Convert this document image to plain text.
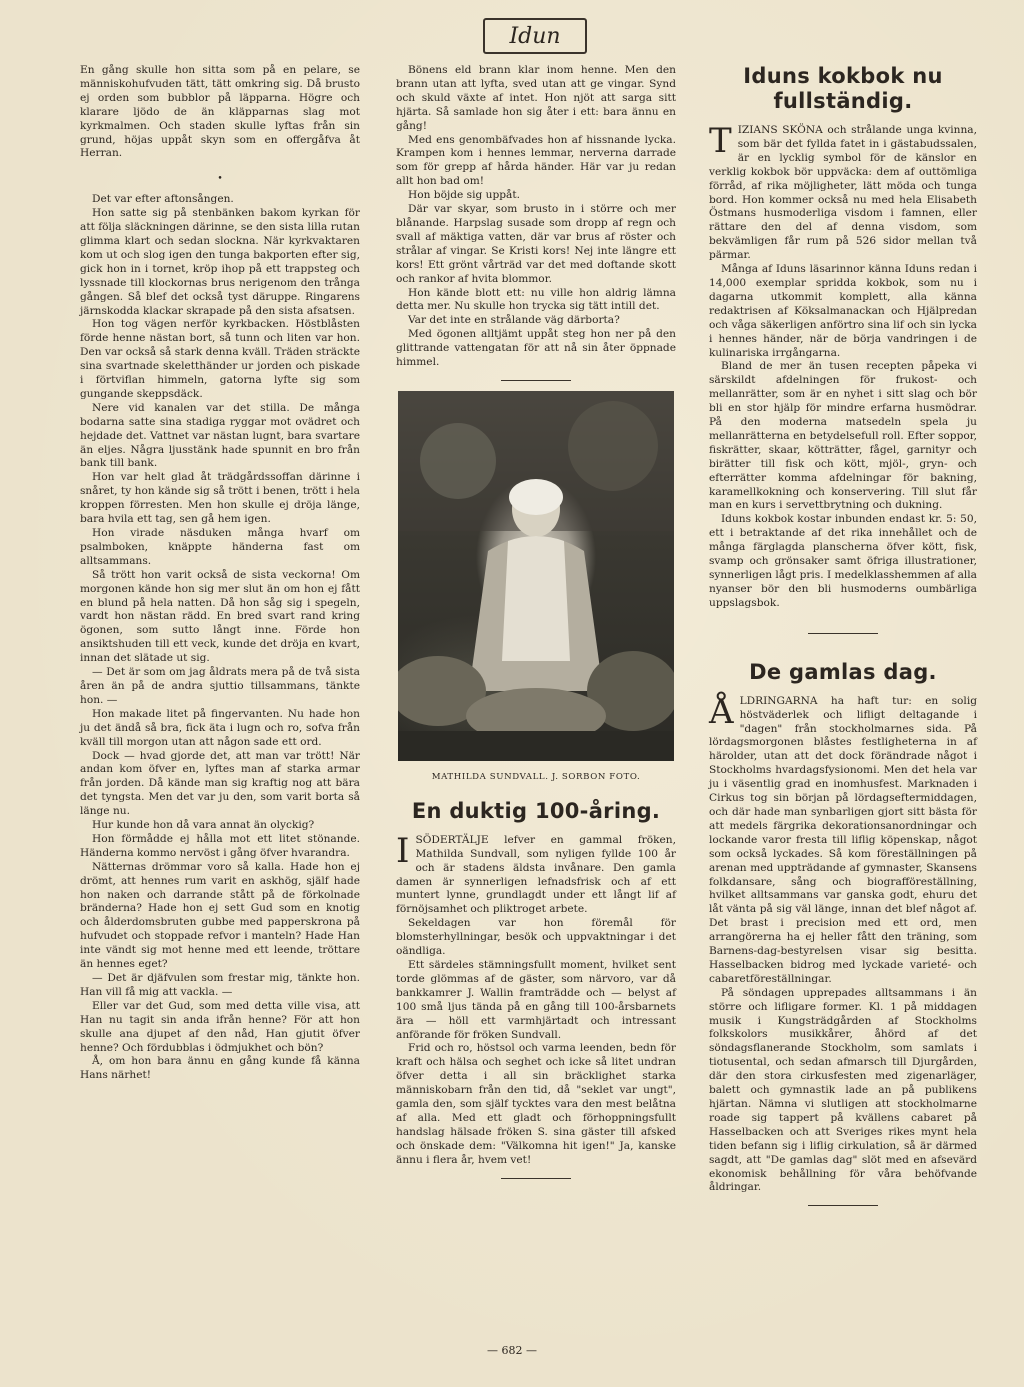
Idun

En gång skulle hon sitta som på en pelare, se människohufvuden tätt, tätt omkring sig. Då brusto ej orden som bubblor på läpparna. Högre och klarare ljödo de än kläpparnas slag mot kyrkmalmen. Och staden skulle lyftas från sin grund, höjas uppåt skyn som en offergåfva åt Herran.

•

Det var efter aftonsången.

Hon satte sig på stenbänken bakom kyrkan för att följa släckningen därinne, se den sista lilla rutan glimma klart och sedan slockna. När kyrkvaktaren kom ut och slog igen den tunga bakporten efter sig, gick hon in i tornet, kröp ihop på ett trappsteg och lyssnade till klockornas brus nerigenom den trånga gången. Så blef det också tyst däruppe. Ringarens järnskodda klackar skrapade på den sista afsatsen.

Hon tog vägen nerför kyrkbacken. Höstblåsten förde henne nästan bort, så tunn och liten var hon. Den var också så stark denna kväll. Träden sträckte sina svartnade skeletthänder ur jorden och piskade i förtviflan himmeln, gatorna lyfte sig som gungande skeppsdäck.

Nere vid kanalen var det stilla. De många bodarna satte sina stadiga ryggar mot ovädret och hejdade det. Vattnet var nästan lugnt, bara svartare än eljes. Några ljusstänk hade spunnit en bro från bank till bank.

Hon var helt glad åt trädgårdssoffan därinne i snåret, ty hon kände sig så trött i benen, trött i hela kroppen förresten. Men hon skulle ej dröja länge, bara hvila ett tag, sen gå hem igen.

Hon virade näsduken många hvarf om psalmboken, knäppte händerna fast om alltsammans.

Så trött hon varit också de sista veckorna! Om morgonen kände hon sig mer slut än om hon ej fått en blund på hela natten. Då hon såg sig i spegeln, vardt hon nästan rädd. En bred svart rand kring ögonen, som sutto långt inne. Förde hon ansiktshuden till ett veck, kunde det dröja en kvart, innan det slätade ut sig.

— Det är som om jag åldrats mera på de två sista åren än på de andra sjuttio tillsammans, tänkte hon. —

Hon makade litet på fingervanten. Nu hade hon ju det ändå så bra, fick äta i lugn och ro, sofva från kväll till morgon utan att någon sade ett ord.

Dock — hvad gjorde det, att man var trött! När andan kom öfver en, lyftes man af starka armar från jorden. Då kände man sig kraftig nog att bära det tyngsta. Men det var ju den, som varit borta så länge nu.

Hur kunde hon då vara annat än olyckig?

Hon förmådde ej hålla mot ett litet stönande. Händerna kommo nervöst i gång öfver hvarandra.

Nätternas drömmar voro så kalla. Hade hon ej drömt, att hennes rum varit en askhög, själf hade hon naken och darrande stått på de förkolnade bränderna? Hade hon ej sett Gud som en knotig och ålderdomsbruten gubbe med papperskrona på hufvudet och stoppade refvor i manteln? Hade Han inte vändt sig mot henne med ett leende, tröttare än hennes eget?

— Det är djäfvulen som frestar mig, tänkte hon. Han vill få mig att vackla. —

Eller var det Gud, som med detta ville visa, att Han nu tagit sin anda ifrån henne? För att hon skulle ana djupet af den nåd, Han gjutit öfver henne? Och fördubblas i ödmjukhet och bön?

Å, om hon bara ännu en gång kunde få känna Hans närhet!

Bönens eld brann klar inom henne. Men den brann utan att lyfta, sved utan att ge vingar. Synd och skuld växte af intet. Hon njöt att sarga sitt hjärta. Så samlade hon sig åter i ett: bara ännu en gång!

Med ens genombäfvades hon af hissnande lycka. Krampen kom i hennes lemmar, nerverna darrade som för grepp af hårda händer. Här var ju redan allt hon bad om!

Hon böjde sig uppåt.

Där var skyar, som brusto in i större och mer blånande. Harpslag susade som dropp af regn och svall af mäktiga vatten, där var brus af röster och strålar af vingar. Se Kristi kors! Nej inte längre ett kors! Ett grönt vårträd var det med doftande skott och rankor af hvita blommor.

Hon kände blott ett: nu ville hon aldrig lämna detta mer. Nu skulle hon trycka sig tätt intill det.

Var det inte en strålande väg därborta?

Med ögonen alltjämt uppåt steg hon ner på den glittrande vattengatan för att nå sin åter öppnade himmel.

MATHILDA SUNDVALL. J. SORBON FOTO.
En duktig 100-åring.

ISÖDERTÄLJE lefver en gammal fröken, Mathilda Sundvall, som nyligen fyllde 100 år och är stadens äldsta invånare. Den gamla damen är synnerligen lefnadsfrisk och af ett muntert lynne, grundlagdt under ett långt lif af förnöjsamhet och pliktroget arbete.

Sekeldagen var hon föremål för blomsterhyllningar, besök och uppvaktningar i det oändliga.

Ett särdeles stämningsfullt moment, hvilket sent torde glömmas af de gäster, som närvoro, var då bankkamrer J. Wallin framträdde och — belyst af 100 små ljus tända på en gång till 100-årsbarnets ära — höll ett varmhjärtadt och intressant anförande för fröken Sundvall.

Frid och ro, höstsol och varma leenden, bedn för kraft och hälsa och seghet och icke så litet undran öfver detta i all sin bräcklighet starka människobarn från den tid, då "seklet var ungt", gamla den, som själf tycktes vara den mest belåtna af alla. Med ett gladt och förhoppningsfullt handslag hälsade fröken S. sina gäster till afsked och önskade dem: "Välkomna hit igen!" Ja, kanske ännu i flera år, hvem vet!

Iduns kokbok nu fullständig.

TIZIANS SKÖNA och strålande unga kvinna, som bär det fyllda fatet in i gästabudssalen, är en lycklig symbol för de känslor en verklig kokbok bör uppväcka: dem af outtömliga förråd, af rika möjligheter, lätt möda och tunga bord. Hon kommer också nu med hela Elisabeth Östmans husmoderliga visdom i famnen, eller rättare den del af denna visdom, som bekvämligen får rum på 526 sidor mellan två pärmar.

Många af Iduns läsarinnor känna Iduns redan i 14,000 exemplar spridda kokbok, som nu i dagarna utkommit komplett, alla känna redaktrisen af Köksalmanackan och Hjälpredan och våga säkerligen anförtro sina lif och sin lycka i hennes händer, när de börja vandringen i de kulinariska irrgångarna.

Bland de mer än tusen recepten påpeka vi särskildt afdelningen för frukost- och mellanrätter, som är en nyhet i sitt slag och bör bli en stor hjälp för mindre erfarna husmödrar. På den moderna matsedeln spela ju mellanrätterna en betydelsefull roll. Efter soppor, fiskrätter, skaar, kötträtter, fågel, garnityr och birätter till fisk och kött, mjöl-, gryn- och efterrätter komma afdelningar för bakning, karamellkokning och konservering. Till slut får man en kurs i servettbrytning och dukning.

Iduns kokbok kostar inbunden endast kr. 5: 50, ett i betraktande af det rika innehållet och de många färglagda planscherna öfver kött, fisk, svamp och grönsaker samt öfriga illustrationer, synnerligen lågt pris. I medelklasshemmen af alla nyanser bör den bli husmoderns oumbärliga uppslagsbok.

De gamlas dag.

ÅLDRINGARNA ha haft tur: en solig höstväderlek och lifligt deltagande i "dagen" från stockholmarnes sida. På lördagsmorgonen blåstes festligheterna in af härolder, utan att det dock förändrade något i Stockholms hvardagsfysionomi. Men det hela var ju i väsentlig grad en inomhusfest. Marknaden i Cirkus tog sin början på lördagseftermiddagen, och där hade man synbarligen gjort sitt bästa för att medels färgrika dekorationsanordningar och lockande varor fresta till liflig köpenskap, något som också lyckades. Så kom föreställningen på arenan med uppträdande af gymnaster, Skansens folkdansare, sång och biografföreställning, hvilket alltsammans var ganska godt, ehuru det låt vänta på sig väl länge, innan det blef något af. Det brast i precision med ett ord, men arrangörerna ha ej heller fått den träning, som Barnens-dag-bestyrelsen visar sig besitta. Hasselbacken bidrog med lyckade varieté- och cabaretföreställningar.

På söndagen upprepades alltsammans i än större och lifligare former. Kl. 1 på middagen musik i Kungsträdgården af Stockholms folkskolors musikkårer, åhörd af det söndagsflanerande Stockholm, som samlats i tiotusental, och sedan afmarsch till Djurgården, där den stora cirkusfesten med zigenarläger, balett och gymnastik lade an på publikens hjärtan. Nämna vi slutligen att stockholmarne roade sig tappert på kvällens cabaret på Hasselbacken och att Sveriges rikes mynt hela tiden befann sig i liflig cirkulation, så är därmed sagdt, att "De gamlas dag" slöt med en afsevärd ekonomisk behållning för våra behöfvande åldringar.

— 682 —
